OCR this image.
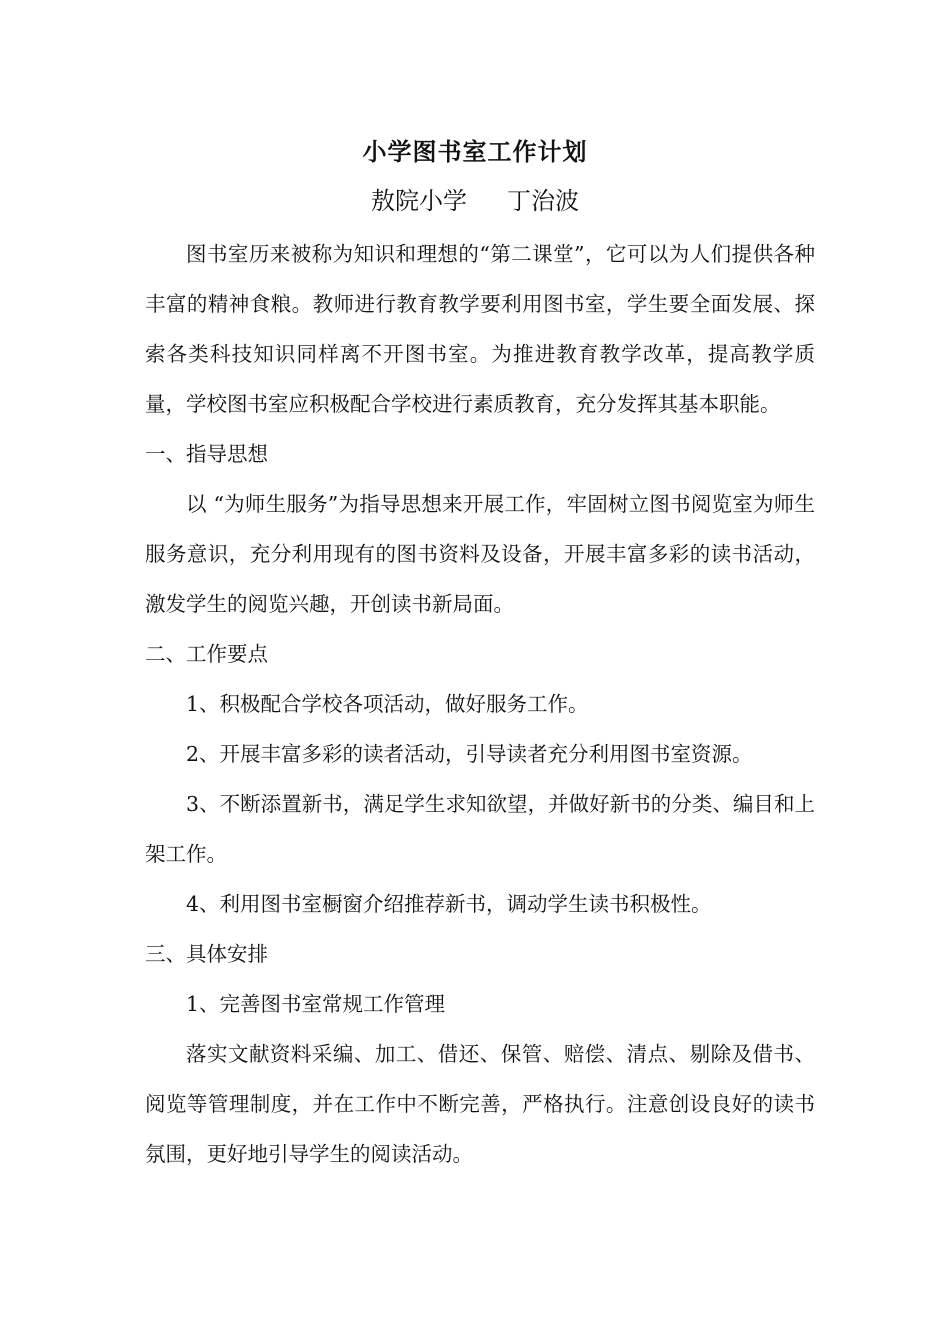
小学图书室工作计划
敖院小学 丁治波

图书室历来被称为知识和理想的“第二课堂”，它可以为人们提供各种丰富的精神食粮。教师进行教育教学要利用图书室，学生要全面发展、探索各类科技知识同样离不开图书室。为推进教育教学改革，提高教学质量，学校图书室应积极配合学校进行素质教育，充分发挥其基本职能。

一、指导思想

以 “为师生服务”为指导思想来开展工作，牢固树立图书阅览室为师生服务意识，充分利用现有的图书资料及设备，开展丰富多彩的读书活动，激发学生的阅览兴趣，开创读书新局面。

二、工作要点

1、积极配合学校各项活动，做好服务工作。

2、开展丰富多彩的读者活动，引导读者充分利用图书室资源。

3、不断添置新书，满足学生求知欲望，并做好新书的分类、编目和上架工作。

4、利用图书室橱窗介绍推荐新书，调动学生读书积极性。

三、具体安排

1、完善图书室常规工作管理

落实文献资料采编、加工、借还、保管、赔偿、清点、剔除及借书、阅览等管理制度，并在工作中不断完善，严格执行。注意创设良好的读书氛围，更好地引导学生的阅读活动。
